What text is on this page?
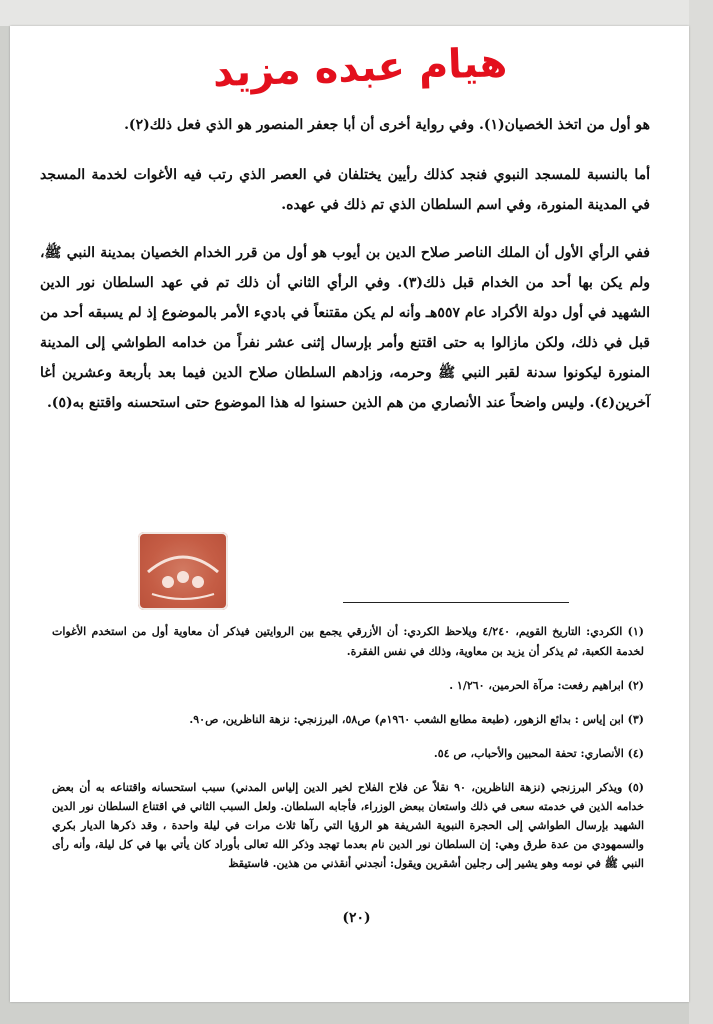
هيام عبده مزيد

هو أول من اتخذ الخصيان(١). وفي رواية أخرى أن أبا جعفر المنصور هو الذي فعل ذلك(٢).

أما بالنسبة للمسجد النبوي فنجد كذلك رأيين يختلفان في العصر الذي رتب فيه الأغوات لخدمة المسجد في المدينة المنورة، وفي اسم السلطان الذي تم ذلك في عهده.

ففي الرأي الأول أن الملك الناصر صلاح الدين بن أيوب هو أول من قرر الخدام الخصيان بمدينة النبي ﷺ، ولم يكن بها أحد من الخدام قبل ذلك(٣). وفي الرأي الثاني أن ذلك تم في عهد السلطان نور الدين الشهيد في أول دولة الأكراد عام ٥٥٧هـ وأنه لم يكن مقتنعاً في باديء الأمر بالموضوع إذ لم يسبقه أحد من قبل في ذلك، ولكن مازالوا به حتى اقتنع وأمر بإرسال إثنى عشر نفراً من خدامه الطواشي إلى المدينة المنورة ليكونوا سدنة لقبر النبي ﷺ وحرمه، وزادهم السلطان صلاح الدين فيما بعد بأربعة وعشرين أغا آخرين(٤). وليس واضحاً عند الأنصاري من هم الذين حسنوا له هذا الموضوع حتى استحسنه واقتنع به(٥).

(١) الكردي: التاريخ القويم، ٤/٢٤٠ ويلاحظ الكردي: أن الأزرقي يجمع بين الروايتين فيذكر أن معاوية أول من استخدم الأغوات لخدمة الكعبة، ثم يذكر أن يزيد بن معاوية، وذلك في نفس الفقرة.

(٢) ابراهيم رفعت: مرآة الحرمين، ١/٢٦٠ .

(٣) ابن إياس : بدائع الزهور، (طبعة مطابع الشعب ١٩٦٠م) ص٥٨، البرزنجي: نزهة الناظرين، ص٩٠.

(٤) الأنصاري: تحفة المحبين والأحباب، ص ٥٤.

(٥) ويذكر البرزنجي (نزهة الناظرين، ٩٠ نقلاً عن فلاح الفلاح لخير الدين إلياس المدني) سبب استحسانه واقتناعه به أن بعض خدامه الذين في خدمته سعى في ذلك واستعان ببعض الوزراء، فأجابه السلطان. ولعل السبب الثاني في اقتناع السلطان نور الدين الشهيد بإرسال الطواشي إلى الحجرة النبوية الشريفة هو الرؤيا التي رآها ثلاث مرات في ليلة واحدة ، وقد ذكرها الديار بكري والسمهودي من عدة طرق وهي: إن السلطان نور الدين نام بعدما تهجد وذكر الله تعالى بأوراد كان يأتي بها في كل ليلة، وأنه رأى النبي ﷺ في نومه وهو يشير إلى رجلين أشقرين ويقول: أنجدني أنقذني من هذين. فاستيقظ

(٢٠)
